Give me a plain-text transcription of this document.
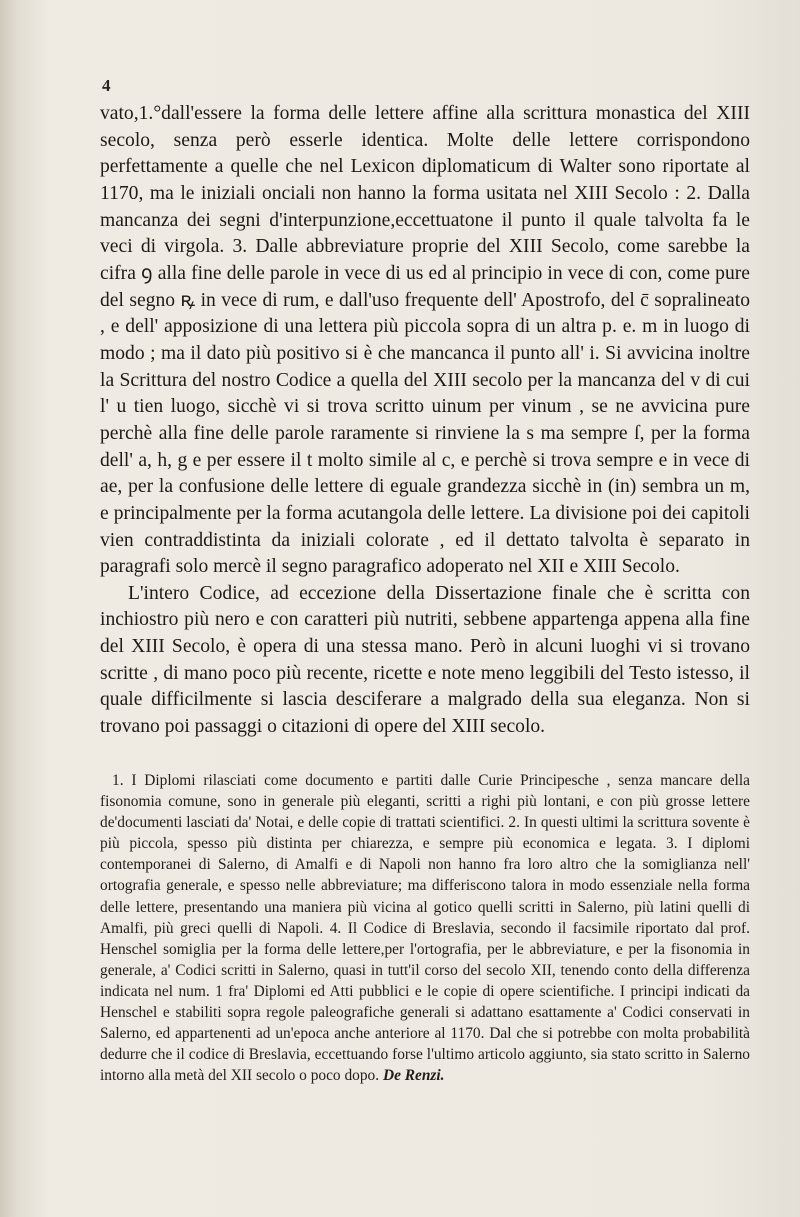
4

vato,1.°dall'essere la forma delle lettere affine alla scrittura monastica del XIII secolo, senza però esserle identica. Molte delle lettere corrispondono perfettamente a quelle che nel Lexicon diplomaticum di Walter sono riportate al 1170, ma le iniziali onciali non hanno la forma usitata nel XIII Secolo : 2. Dalla mancanza dei segni d'interpunzione,eccettuatone il punto il quale talvolta fa le veci di virgola. 3. Dalle abbreviature proprie del XIII Secolo, come sarebbe la cifra ꝯ alla fine delle parole in vece di us ed al principio in vece di con, come pure del segno ꝶ in vece di rum, e dall'uso frequente dell' Apostrofo, del c̄ sopralineato , e dell' apposizione di una lettera più piccola sopra di un altra p. e. m in luogo di modo ; ma il dato più positivo si è che mancanca il punto all' i. Si avvicina inoltre la Scrittura del nostro Codice a quella del XIII secolo per la mancanza del v di cui l' u tien luogo, sicchè vi si trova scritto uinum per vinum , se ne avvicina pure perchè alla fine delle parole raramente si rinviene la s ma sempre ſ, per la forma dell' a, h, g e per essere il t molto simile al c, e perchè si trova sempre e in vece di ae, per la confusione delle lettere di eguale grandezza sicchè in (in) sembra un m, e principalmente per la forma acutangola delle lettere. La divisione poi dei capitoli vien contraddistinta da iniziali colorate , ed il dettato talvolta è separato in paragrafi solo mercè il segno paragrafico adoperato nel XII e XIII Secolo.

L'intero Codice, ad eccezione della Dissertazione finale che è scritta con inchiostro più nero e con caratteri più nutriti, sebbene appartenga appena alla fine del XIII Secolo, è opera di una stessa mano. Però in alcuni luoghi vi si trovano scritte , di mano poco più recente, ricette e note meno leggibili del Testo istesso, il quale difficilmente si lascia desciferare a malgrado della sua eleganza. Non si trovano poi passaggi o citazioni di opere del XIII secolo.

1. I Diplomi rilasciati come documento e partiti dalle Curie Principesche , senza mancare della fisonomia comune, sono in generale più eleganti, scritti a righi più lontani, e con più grosse lettere de'documenti lasciati da' Notai, e delle copie di trattati scientifici. 2. In questi ultimi la scrittura sovente è più piccola, spesso più distinta per chiarezza, e sempre più economica e legata. 3. I diplomi contemporanei di Salerno, di Amalfi e di Napoli non hanno fra loro altro che la somiglianza nell' ortografia generale, e spesso nelle abbreviature; ma differiscono talora in modo essenziale nella forma delle lettere, presentando una maniera più vicina al gotico quelli scritti in Salerno, più latini quelli di Amalfi, più greci quelli di Napoli. 4. Il Codice di Breslavia, secondo il facsimile riportato dal prof. Henschel somiglia per la forma delle lettere,per l'ortografia, per le abbreviature, e per la fisonomia in generale, a' Codici scritti in Salerno, quasi in tutt'il corso del secolo XII, tenendo conto della differenza indicata nel num. 1 fra' Diplomi ed Atti pubblici e le copie di opere scientifiche. I principi indicati da Henschel e stabiliti sopra regole paleografiche generali si adattano esattamente a' Codici conservati in Salerno, ed appartenenti ad un'epoca anche anteriore al 1170. Dal che si potrebbe con molta probabilità dedurre che il codice di Breslavia, eccettuando forse l'ultimo articolo aggiunto, sia stato scritto in Salerno intorno alla metà del XII secolo o poco dopo. De Renzi.
